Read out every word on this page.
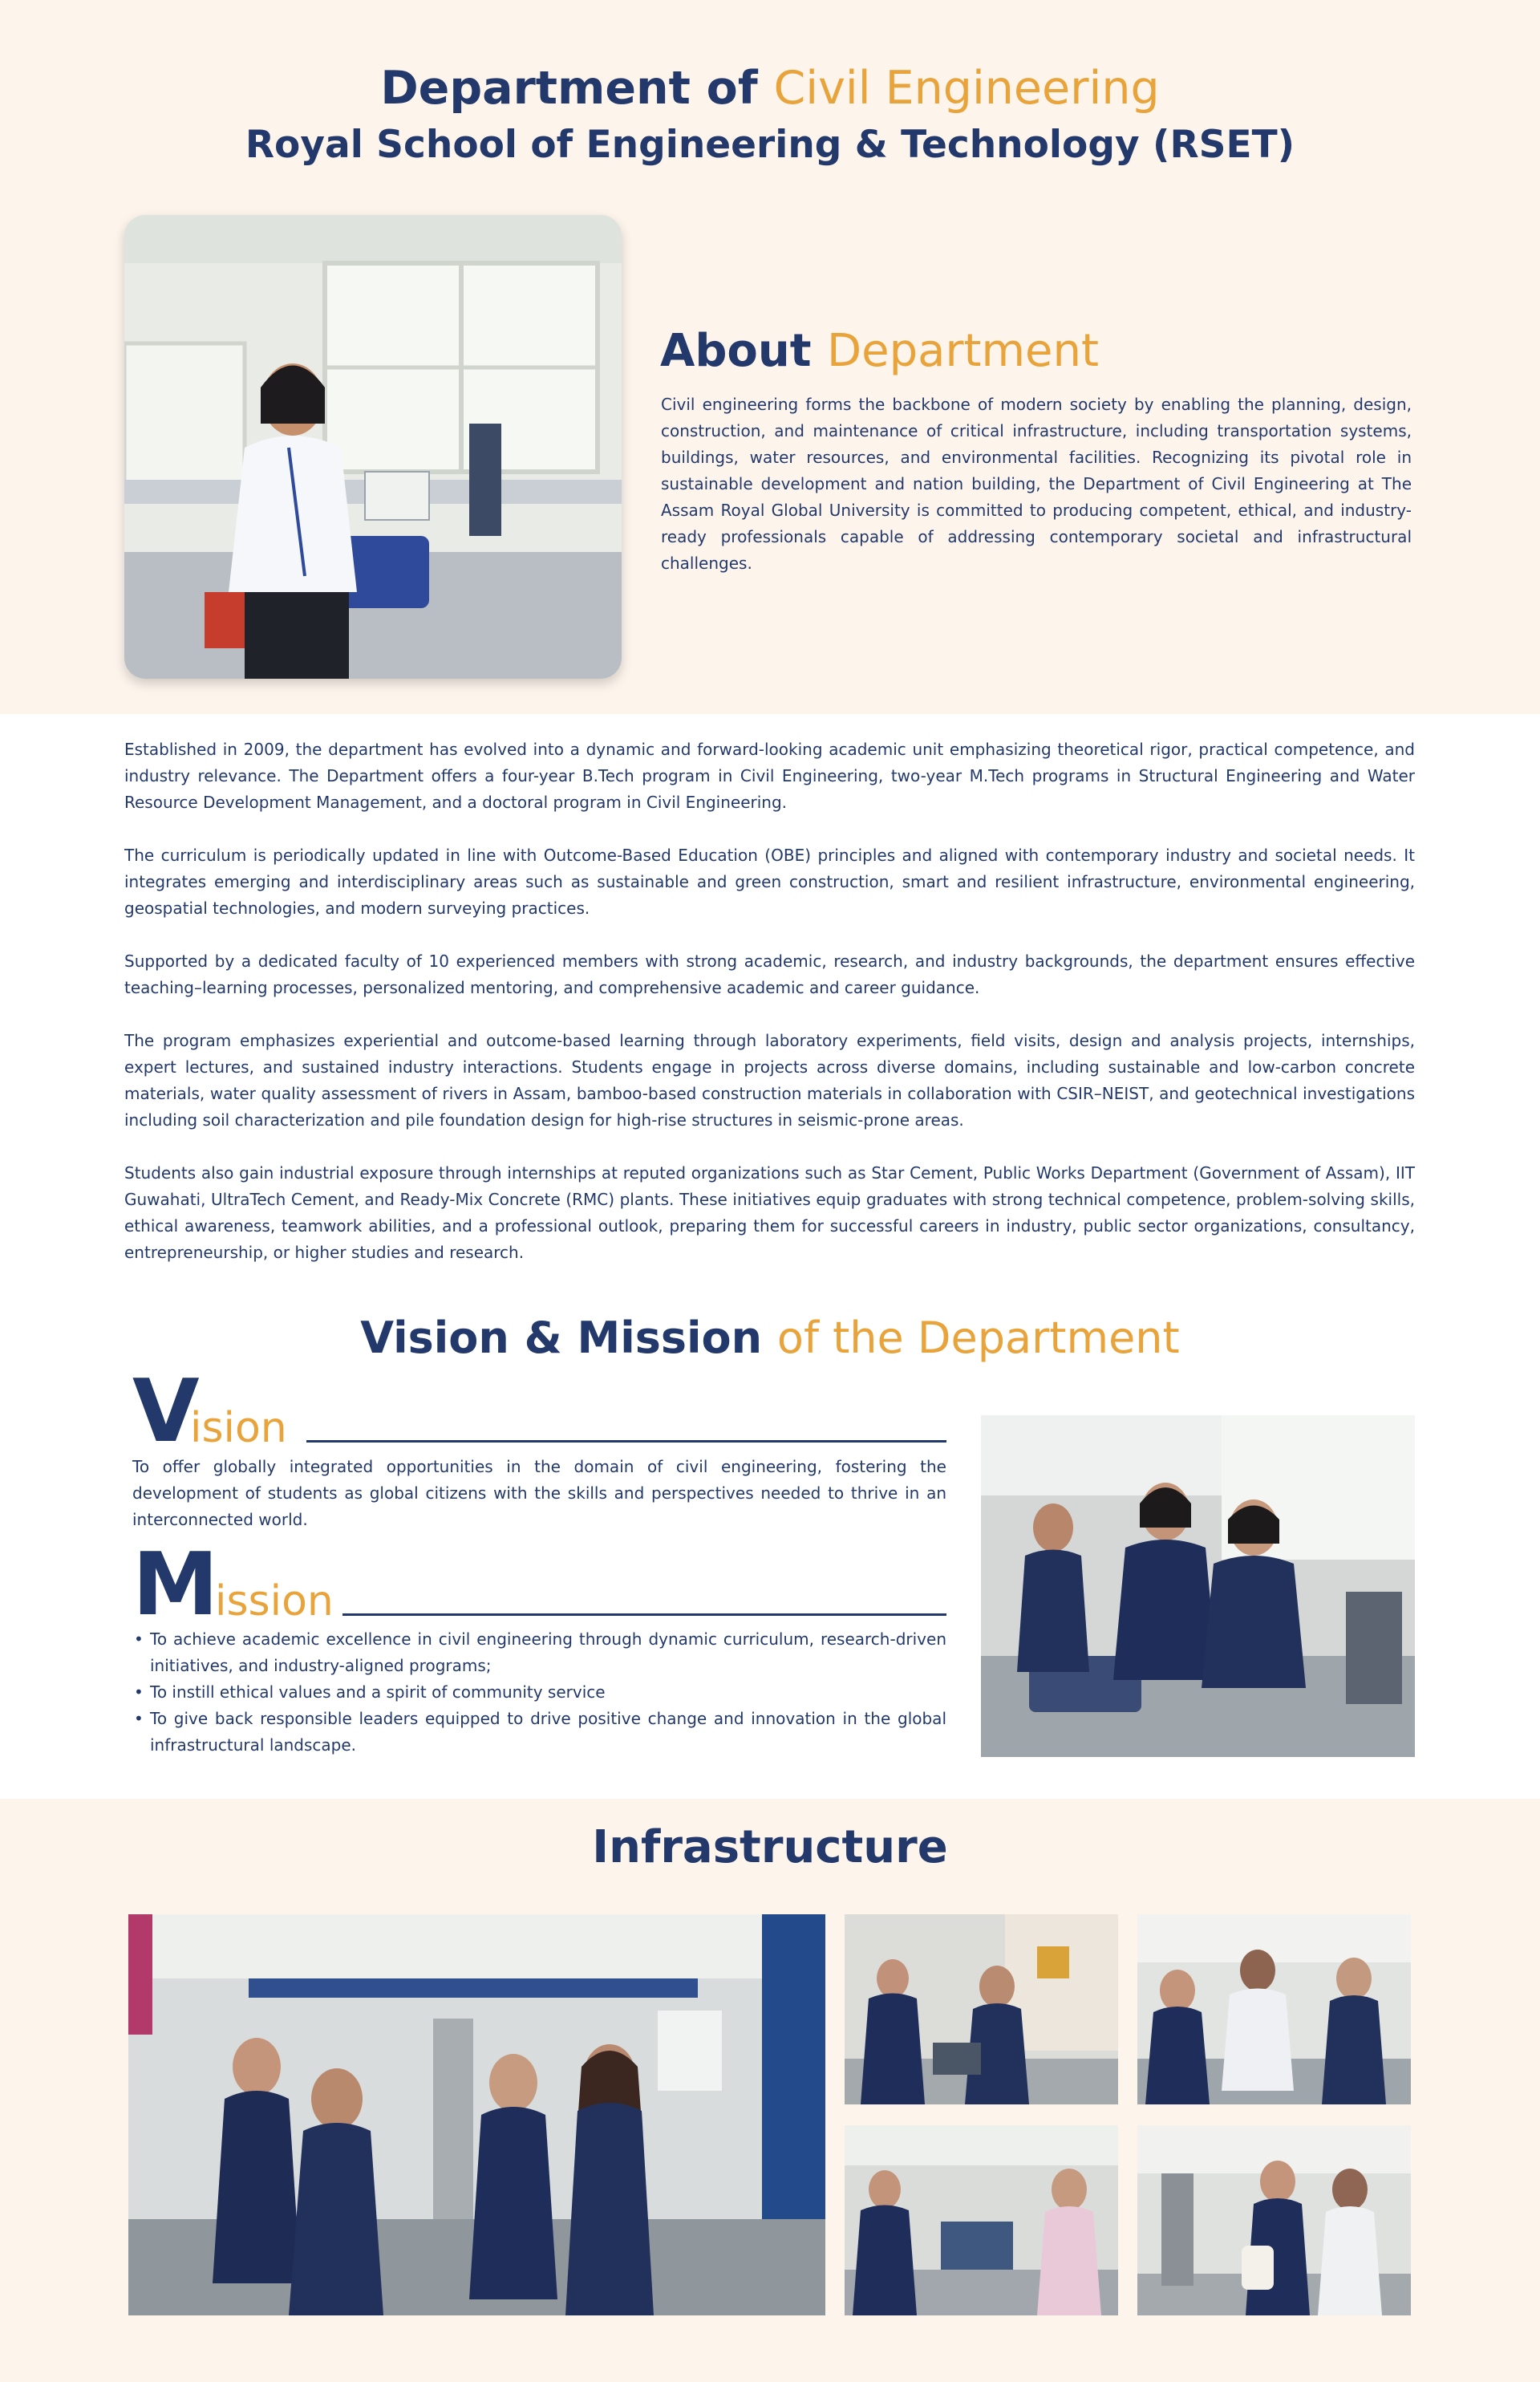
Department of Civil Engineering
Royal School of Engineering & Technology (RSET)
About Department

Civil engineering forms the backbone of modern society by enabling the planning, design, construction, and maintenance of critical infrastructure, including transportation systems, buildings, water resources, and environmental facilities. Recognizing its pivotal role in sustainable development and nation building, the Department of Civil Engineering at The Assam Royal Global University is committed to producing competent, ethical, and industry-ready professionals capable of addressing contemporary societal and infrastructural challenges.

Established in 2009, the department has evolved into a dynamic and forward-looking academic unit emphasizing theoretical rigor, practical competence, and industry relevance. The Department offers a four-year B.Tech program in Civil Engineering, two-year M.Tech programs in Structural Engineering and Water Resource Development Management, and a doctoral program in Civil Engineering.

The curriculum is periodically updated in line with Outcome-Based Education (OBE) principles and aligned with contemporary industry and societal needs. It integrates emerging and interdisciplinary areas such as sustainable and green construction, smart and resilient infrastructure, environmental engineering, geospatial technologies, and modern surveying practices.

Supported by a dedicated faculty of 10 experienced members with strong academic, research, and industry backgrounds, the department ensures effective teaching–learning processes, personalized mentoring, and comprehensive academic and career guidance.

The program emphasizes experiential and outcome-based learning through laboratory experiments, field visits, design and analysis projects, internships, expert lectures, and sustained industry interactions. Students engage in projects across diverse domains, including sustainable and low-carbon concrete materials, water quality assessment of rivers in Assam, bamboo-based construction materials in collaboration with CSIR–NEIST, and geotechnical investigations including soil characterization and pile foundation design for high-rise structures in seismic-prone areas.

Students also gain industrial exposure through internships at reputed organizations such as Star Cement, Public Works Department (Government of Assam), IIT Guwahati, UltraTech Cement, and Ready-Mix Concrete (RMC) plants. These initiatives equip graduates with strong technical competence, problem-solving skills, ethical awareness, teamwork abilities, and a professional outlook, preparing them for successful careers in industry, public sector organizations, consultancy, entrepreneurship, or higher studies and research.

Vision & Mission of the Department
V
ision

To offer globally integrated opportunities in the domain of civil engineering, fostering the development of students as global citizens with the skills and perspectives needed to thrive in an interconnected world.

M
ission
• To achieve academic excellence in civil engineering through dynamic curriculum, research-driven initiatives, and industry-aligned programs;
• To instill ethical values and a spirit of community service
• To give back responsible leaders equipped to drive positive change and innovation in the global infrastructural landscape.
Infrastructure
